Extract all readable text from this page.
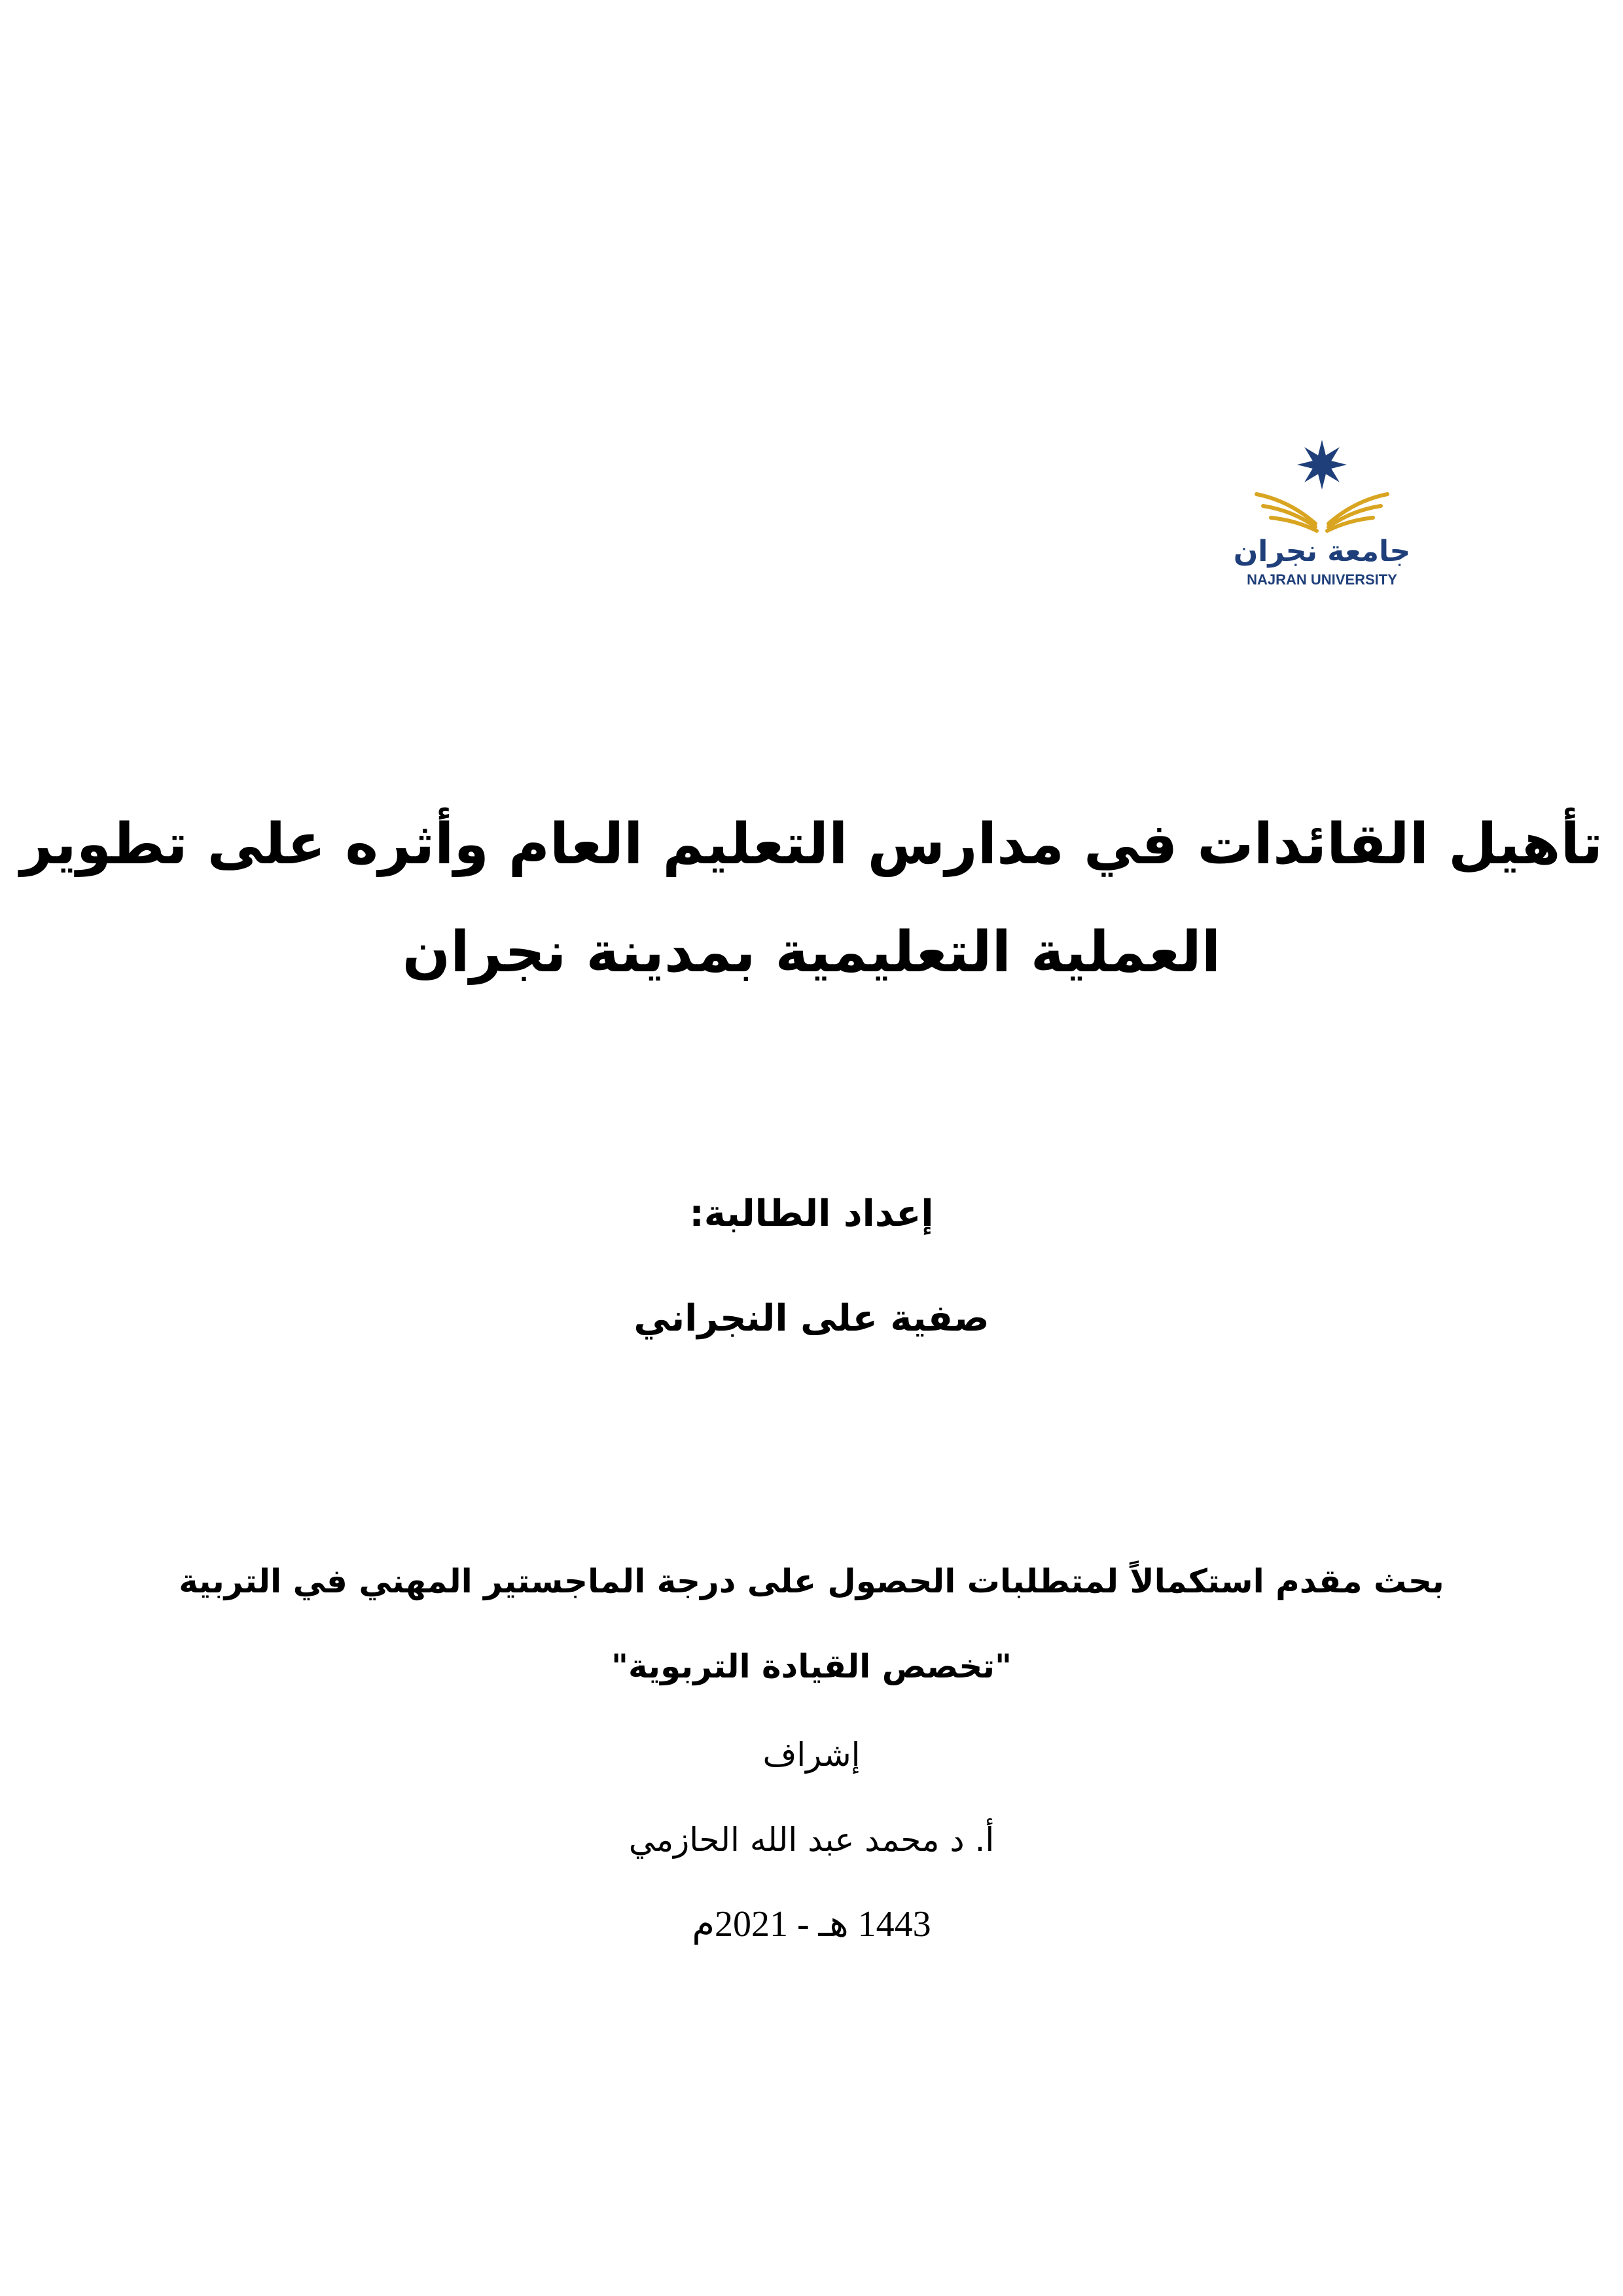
جامعة نجران
NAJRAN UNIVERSITY
تأهيل القائدات في مدارس التعليم العام وأثره على تطوير
العملية التعليمية بمدينة نجران
إعداد الطالبة:
صفية على النجراني
بحث مقدم استكمالاً لمتطلبات الحصول على درجة الماجستير المهني في التربية
"تخصص القيادة التربوية"
إشراف
أ. د محمد عبد الله الحازمي
1443 هـ - 2021م
